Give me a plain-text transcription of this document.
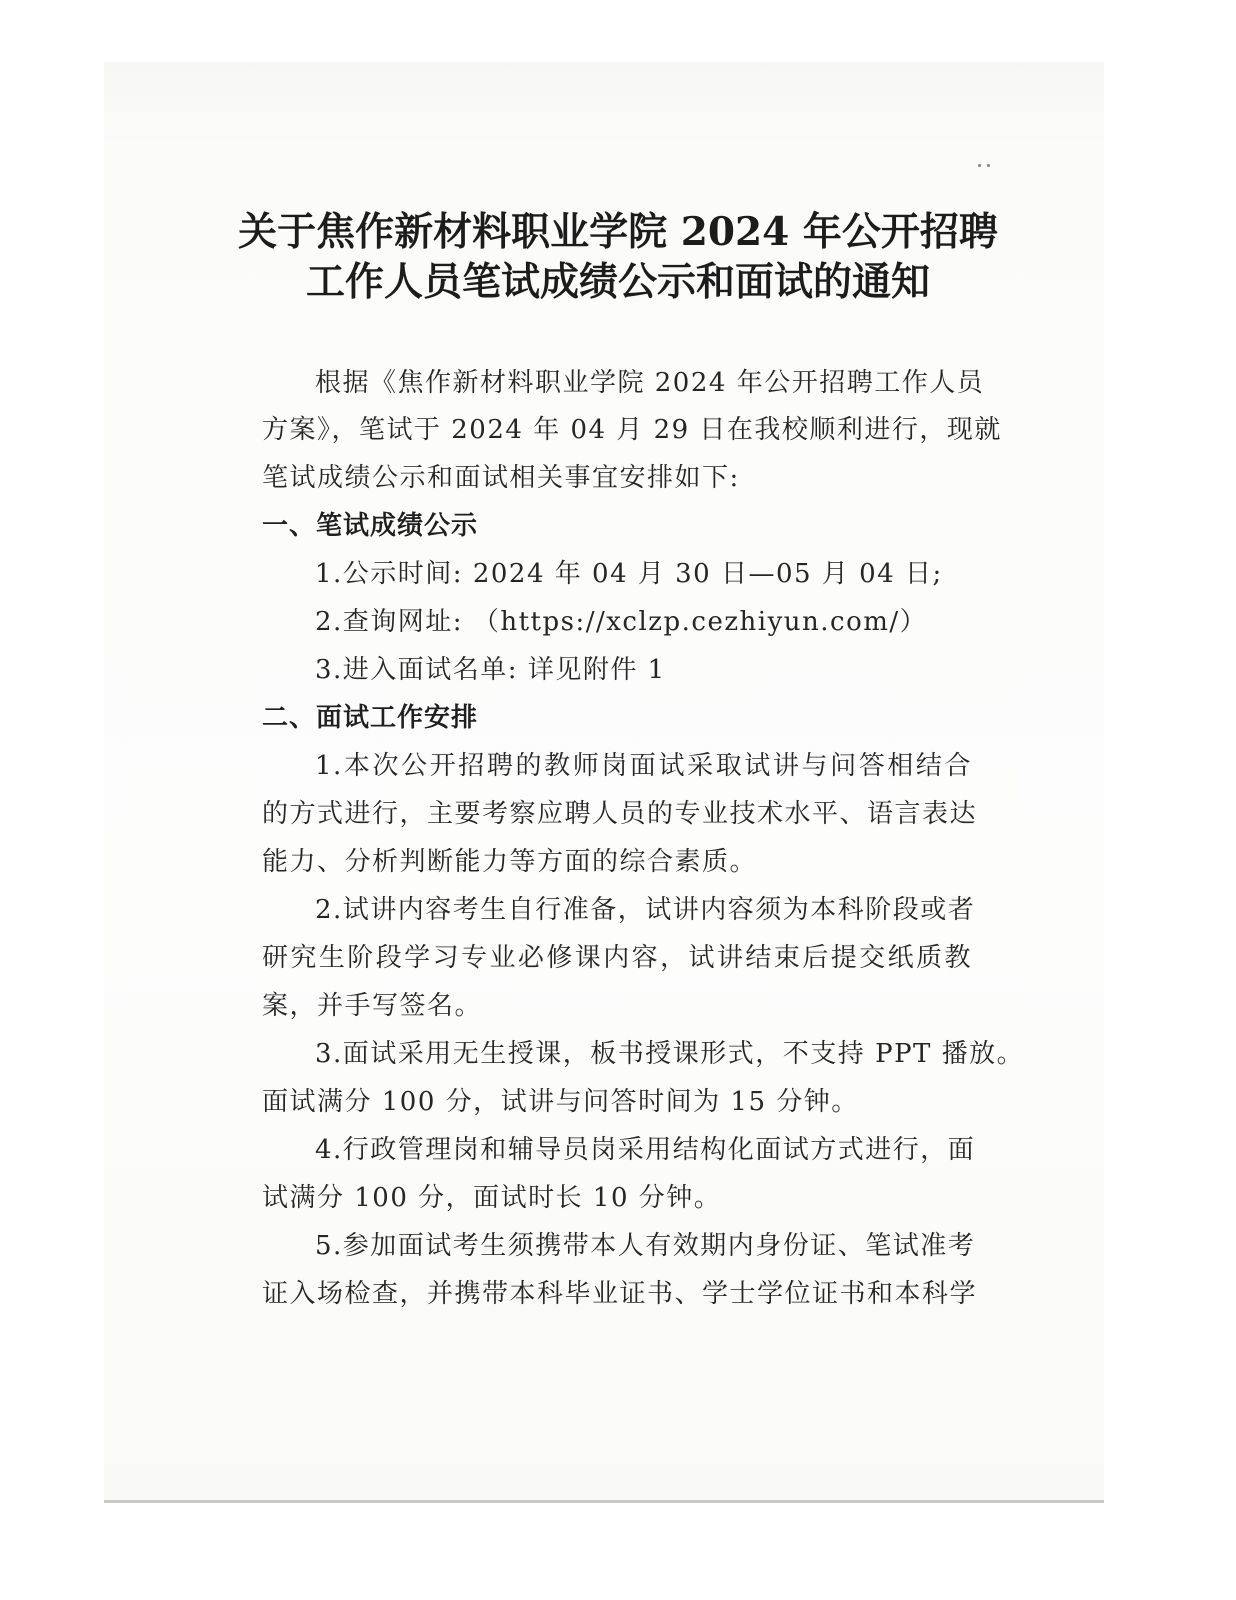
关于焦作新材料职业学院 2024 年公开招聘
工作人员笔试成绩公示和面试的通知

根据《焦作新材料职业学院 2024 年公开招聘工作人员

方案》，笔试于 2024 年 04 月 29 日在我校顺利进行，现就

笔试成绩公示和面试相关事宜安排如下:

一、笔试成绩公示

1.公示时间: 2024 年 04 月 30 日—05 月 04 日;

2.查询网址: （https://xclzp.cezhiyun.com/）

3.进入面试名单: 详见附件 1

二、面试工作安排

1.本次公开招聘的教师岗面试采取试讲与问答相结合

的方式进行，主要考察应聘人员的专业技术水平、语言表达

能力、分析判断能力等方面的综合素质。

2.试讲内容考生自行准备，试讲内容须为本科阶段或者

研究生阶段学习专业必修课内容，试讲结束后提交纸质教

案，并手写签名。

3.面试采用无生授课，板书授课形式，不支持 PPT 播放。

面试满分 100 分，试讲与问答时间为 15 分钟。

4.行政管理岗和辅导员岗采用结构化面试方式进行，面

试满分 100 分，面试时长 10 分钟。

5.参加面试考生须携带本人有效期内身份证、笔试准考

证入场检查，并携带本科毕业证书、学士学位证书和本科学
